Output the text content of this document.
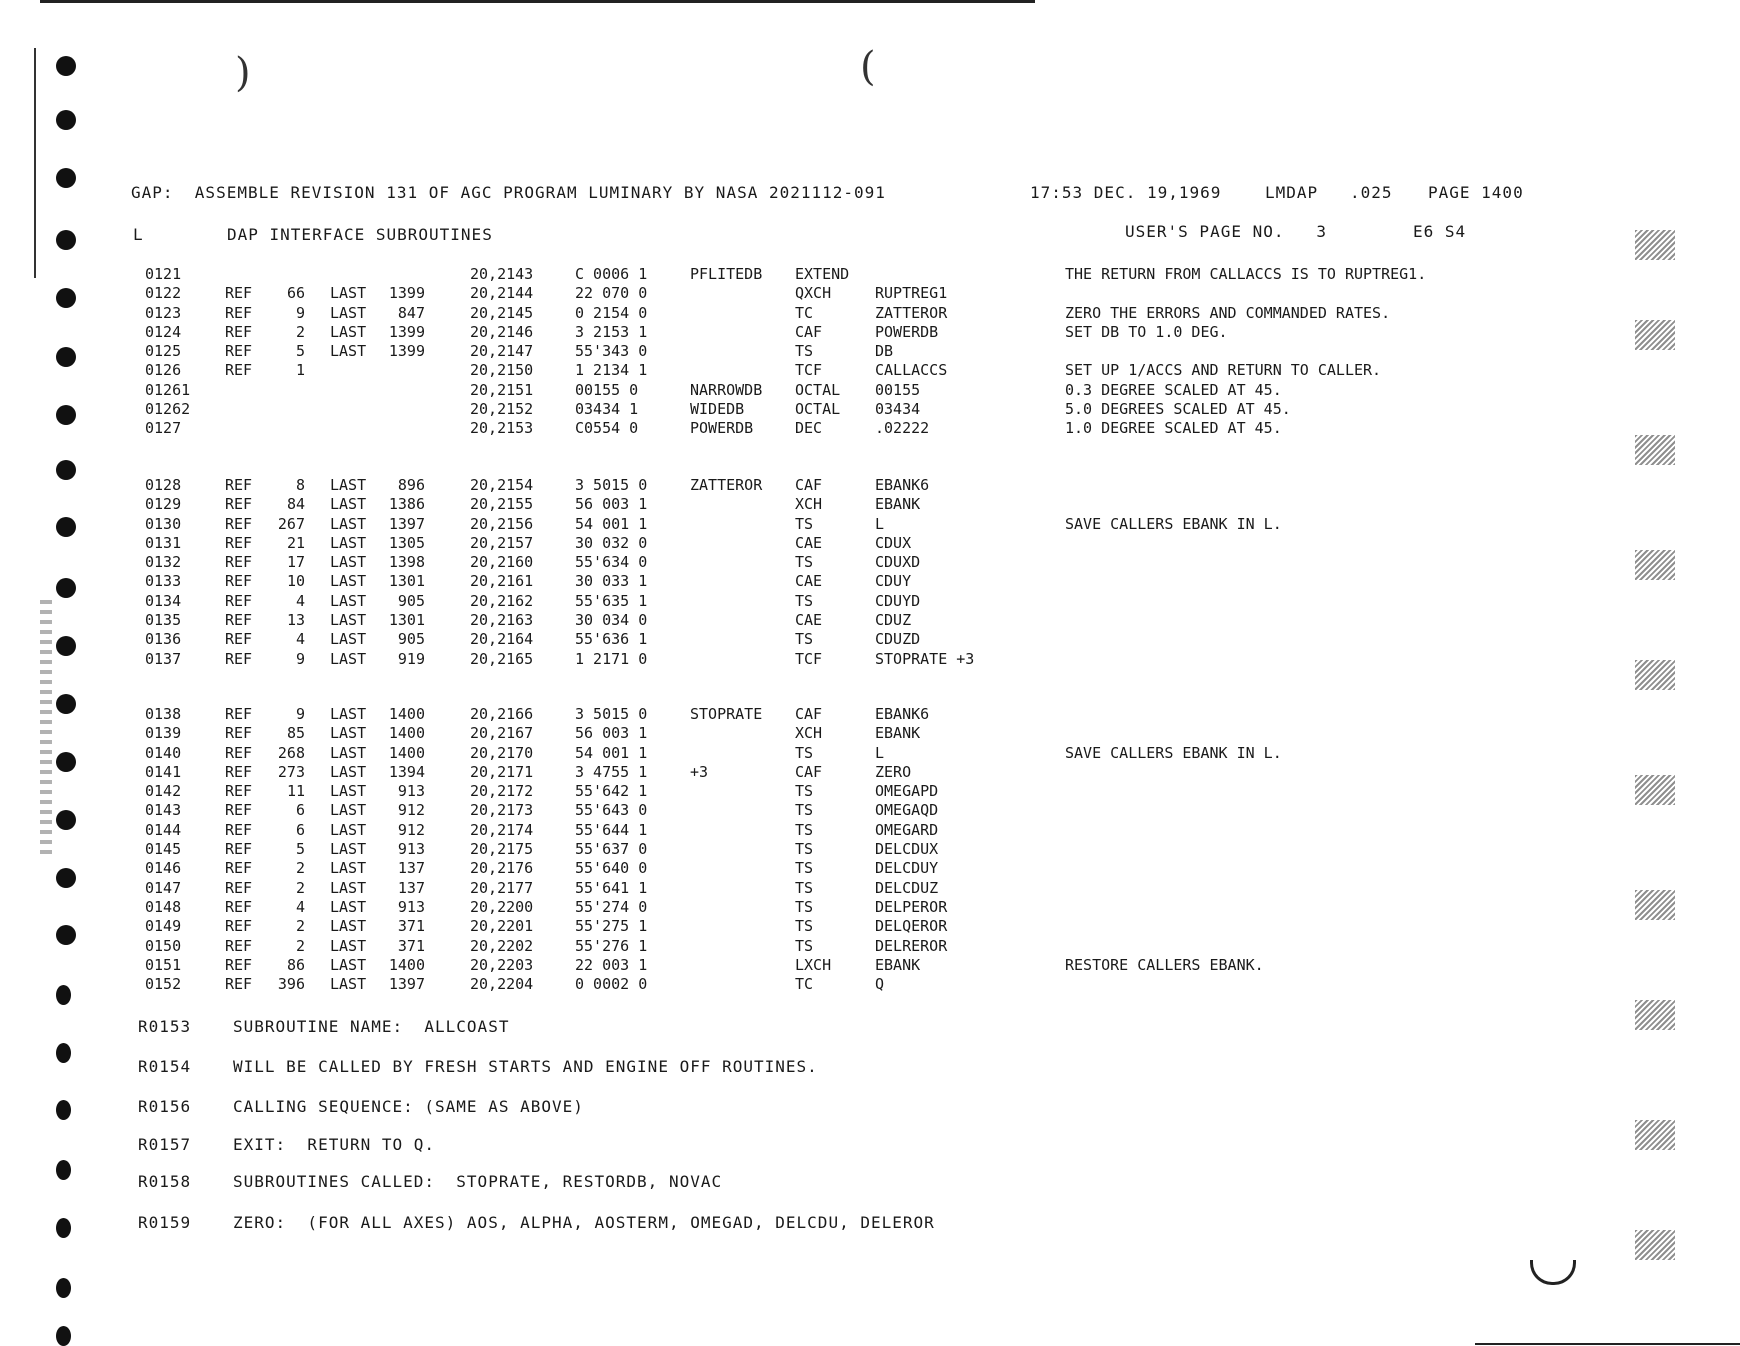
)	(
GAP:  ASSEMBLE REVISION 131 OF AGC PROGRAM LUMINARY BY NASA 2021112-091	17:53 DEC. 19,1969	LMDAP .025 PAGE 1400
L	DAP INTERFACE SUBROUTINES	USER'S PAGE NO.   3	E6 S4
0121	20,2143	C 0006 1	PFLITEDB EXTEND	THE RETURN FROM CALLACCS IS TO RUPTREG1.
0122	REF	66 LAST	1399	20,2144	22 070 0	QXCH	RUPTREG1
0123	REF	9 LAST	847	20,2145	0 2154 0	TC	ZATTEROR	ZERO THE ERRORS AND COMMANDED RATES.
0124	REF	2 LAST	1399	20,2146	3 2153 1	CAF	POWERDB	SET DB TO 1.0 DEG.
0125	REF	5 LAST	1399	20,2147	55'343 0	TS	DB
0126	REF	1	20,2150	1 2134 1	TCF	CALLACCS	SET UP 1/ACCS AND RETURN TO CALLER.
01261	20,2151	00155 0	NARROWDB OCTAL 00155	0.3 DEGREE SCALED AT 45.
01262	20,2152	03434 1	WIDEDB	OCTAL 03434	5.0 DEGREES SCALED AT 45.
0127	20,2153	C0554 0	POWERDB	DEC	.02222	1.0 DEGREE SCALED AT 45.
0128	REF	8 LAST	896	20,2154	3 5015 0	ZATTEROR CAF	EBANK6
0129	REF	84 LAST	1386	20,2155	56 003 1	XCH	EBANK
0130	REF 267 LAST	1397	20,2156	54 001 1	TS	L	SAVE CALLERS EBANK IN L.
0131	REF	21 LAST	1305	20,2157	30 032 0	CAE	CDUX
0132	REF	17 LAST	1398	20,2160	55'634 0	TS	CDUXD
0133	REF	10 LAST	1301	20,2161	30 033 1	CAE	CDUY
0134	REF	4 LAST	905	20,2162	55'635 1	TS	CDUYD
0135	REF	13 LAST	1301	20,2163	30 034 0	CAE	CDUZ
0136	REF	4 LAST	905	20,2164	55'636 1	TS	CDUZD
0137	REF	9 LAST	919	20,2165	1 2171 0	TCF	STOPRATE +3
0138	REF	9 LAST	1400	20,2166	3 5015 0	STOPRATE CAF	EBANK6
0139	REF	85 LAST	1400	20,2167	56 003 1	XCH	EBANK
0140	REF 268 LAST	1400	20,2170	54 001 1	TS	L	SAVE CALLERS EBANK IN L.
0141	REF 273 LAST	1394	20,2171	3 4755 1	+3	CAF	ZERO
0142	REF	11 LAST	913	20,2172	55'642 1	TS	OMEGAPD
0143	REF	6 LAST	912	20,2173	55'643 0	TS	OMEGAQD
0144	REF	6 LAST	912	20,2174	55'644 1	TS	OMEGARD
0145	REF	5 LAST	913	20,2175	55'637 0	TS	DELCDUX
0146	REF	2 LAST	137	20,2176	55'640 0	TS	DELCDUY
0147	REF	2 LAST	137	20,2177	55'641 1	TS	DELCDUZ
0148	REF	4 LAST	913	20,2200	55'274 0	TS	DELPEROR
0149	REF	2 LAST	371	20,2201	55'275 1	TS	DELQEROR
0150	REF	2 LAST	371	20,2202	55'276 1	TS	DELREROR
0151	REF	86 LAST	1400	20,2203	22 003 1	LXCH	EBANK	RESTORE CALLERS EBANK.
0152	REF 396 LAST	1397	20,2204	0 0002 0	TC	Q
R0153	SUBROUTINE NAME:  ALLCOAST
R0154	WILL BE CALLED BY FRESH STARTS AND ENGINE OFF ROUTINES.
R0156	CALLING SEQUENCE: (SAME AS ABOVE)
R0157	EXIT:  RETURN TO Q.
R0158	SUBROUTINES CALLED:  STOPRATE, RESTORDB, NOVAC
R0159	ZERO:  (FOR ALL AXES) AOS, ALPHA, AOSTERM, OMEGAD, DELCDU, DELEROR
